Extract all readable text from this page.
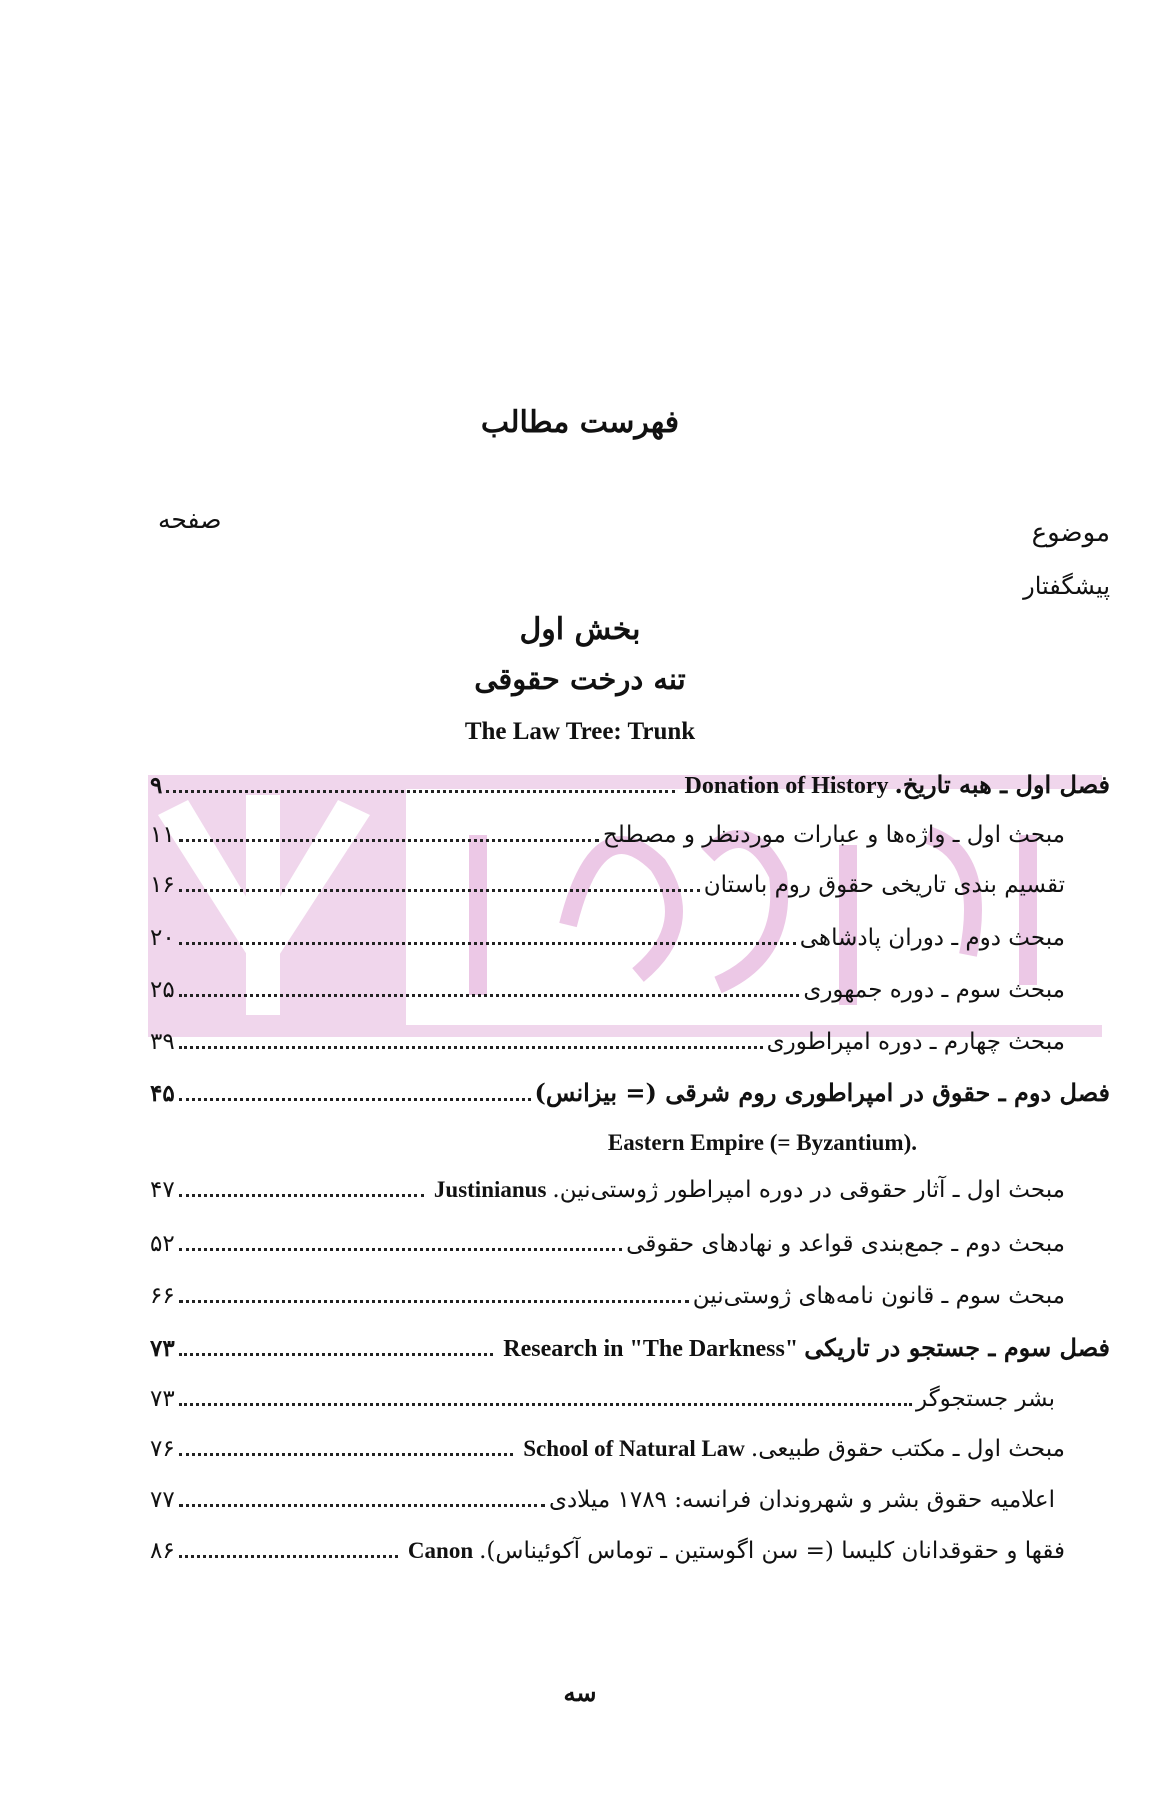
فهرست مطالب
صفحه	موضوع
پیشگفتار
بخش اول
تنه درخت حقوقی
The Law Tree: Trunk
فصل اول ـ هبه تاریخ.
Donation of History
۹
مبحث اول ـ واژه‌ها و عبارات موردنظر و مصطلح
۱۱
تقسیم بندی تاریخی حقوق روم باستان
۱۶
مبحث دوم ـ دوران پادشاهی
۲۰
مبحث سوم ـ دوره جمهوری
۲۵
مبحث چهارم ـ دوره امپراطوری
۳۹
فصل دوم ـ حقوق در امپراطوری روم شرقی (= بیزانس)
۴۵
Eastern Empire (= Byzantium).
مبحث اول ـ آثار حقوقی در دوره امپراطور ژوستی‌نین.
Justinianus
۴۷
مبحث دوم ـ جمع‌بندی قواعد و نهادهای حقوقی
۵۲
مبحث سوم ـ قانون نامه‌های ژوستی‌نین
۶۶
فصل سوم ـ جستجو در تاریکی
Research in "The Darkness"
۷۳
بشر جستجوگر
۷۳
مبحث اول ـ مکتب حقوق طبیعی.
School of Natural Law
۷۶
اعلامیه حقوق بشر و شهروندان فرانسه: ۱۷۸۹ میلادی
۷۷
فقها و حقوقدانان کلیسا (= سن اگوستین ـ توماس آکوئیناس).
Canon
۸۶
سه
